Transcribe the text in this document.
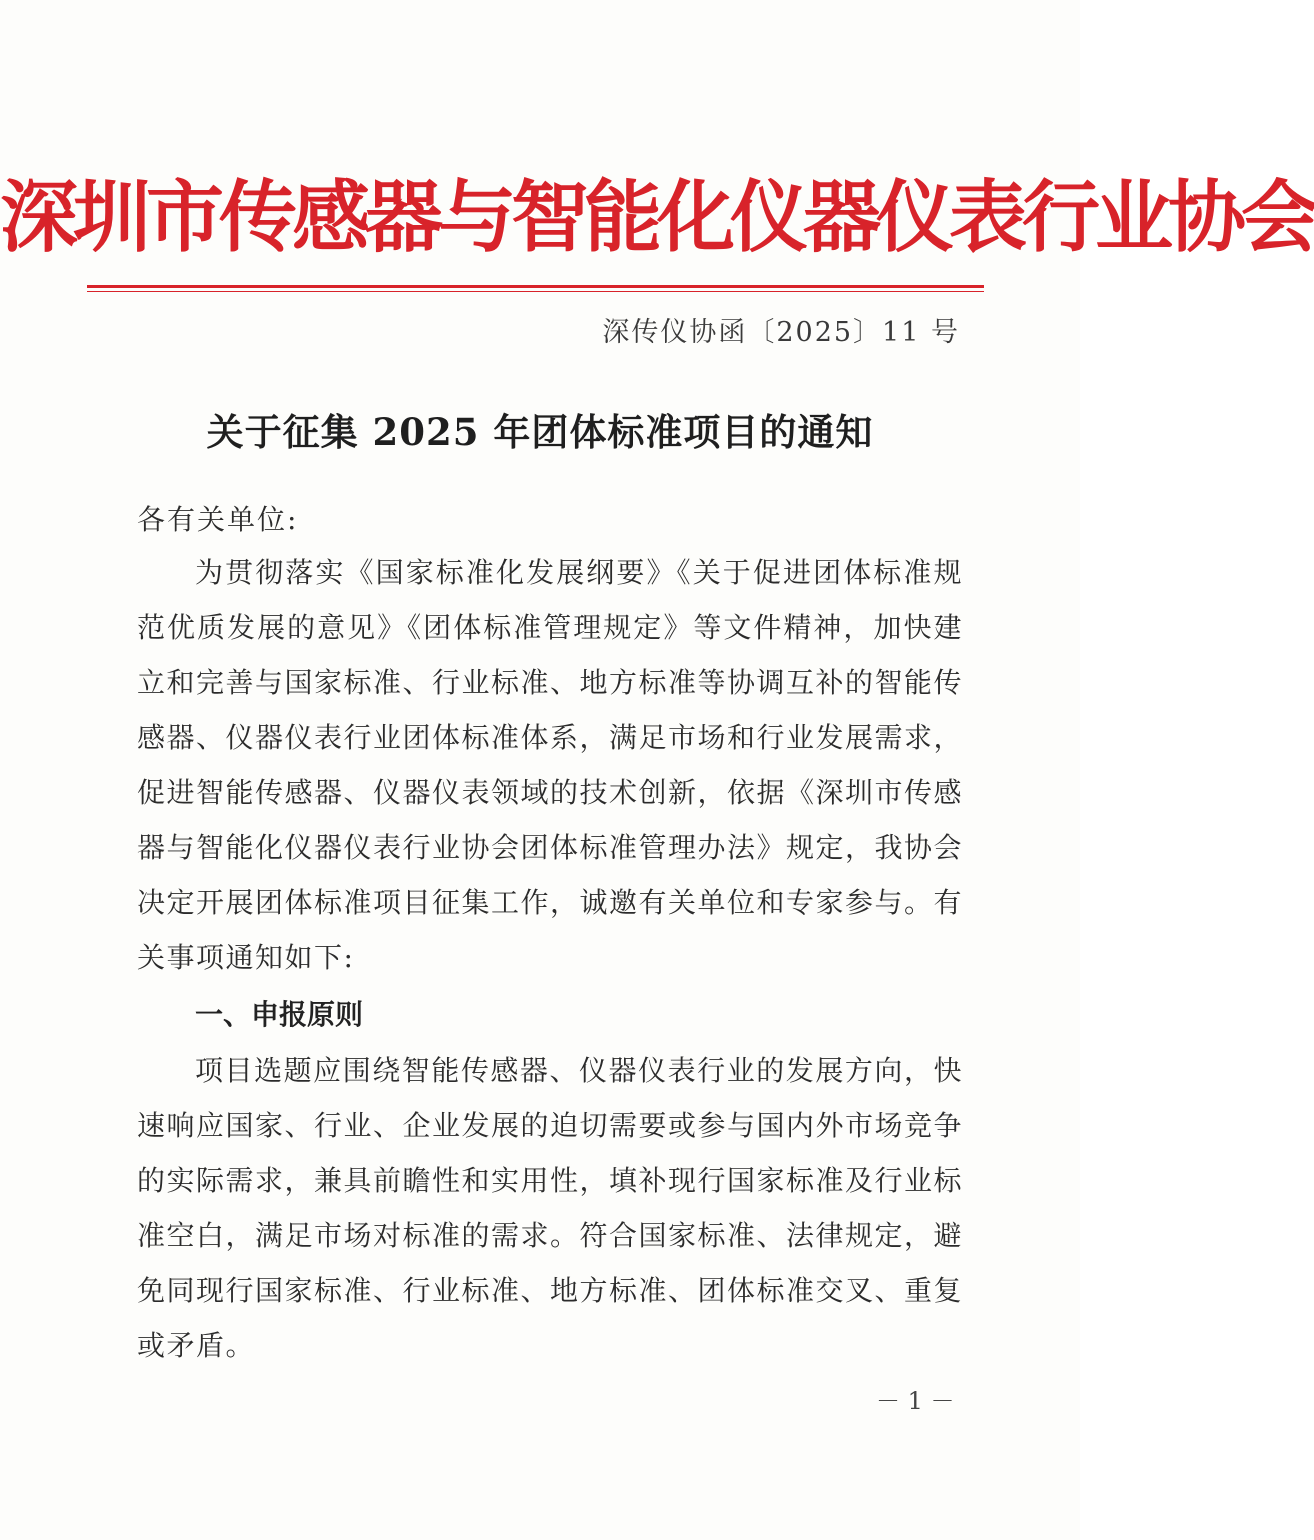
深圳市传感器与智能化仪器仪表行业协会
深传仪协函〔2025〕11 号
关于征集 2025 年团体标准项目的通知
各有关单位:

为贯彻落实《国家标准化发展纲要》《关于促进团体标准规范优质发展的意见》《团体标准管理规定》等文件精神，加快建立和完善与国家标准、行业标准、地方标准等协调互补的智能传感器、仪器仪表行业团体标准体系，满足市场和行业发展需求，促进智能传感器、仪器仪表领域的技术创新，依据《深圳市传感器与智能化仪器仪表行业协会团体标准管理办法》规定，我协会决定开展团体标准项目征集工作，诚邀有关单位和专家参与。有关事项通知如下:

一、申报原则

项目选题应围绕智能传感器、仪器仪表行业的发展方向，快速响应国家、行业、企业发展的迫切需要或参与国内外市场竞争的实际需求，兼具前瞻性和实用性，填补现行国家标准及行业标准空白，满足市场对标准的需求。符合国家标准、法律规定，避免同现行国家标准、行业标准、地方标准、团体标准交叉、重复或矛盾。

－ 1 －
